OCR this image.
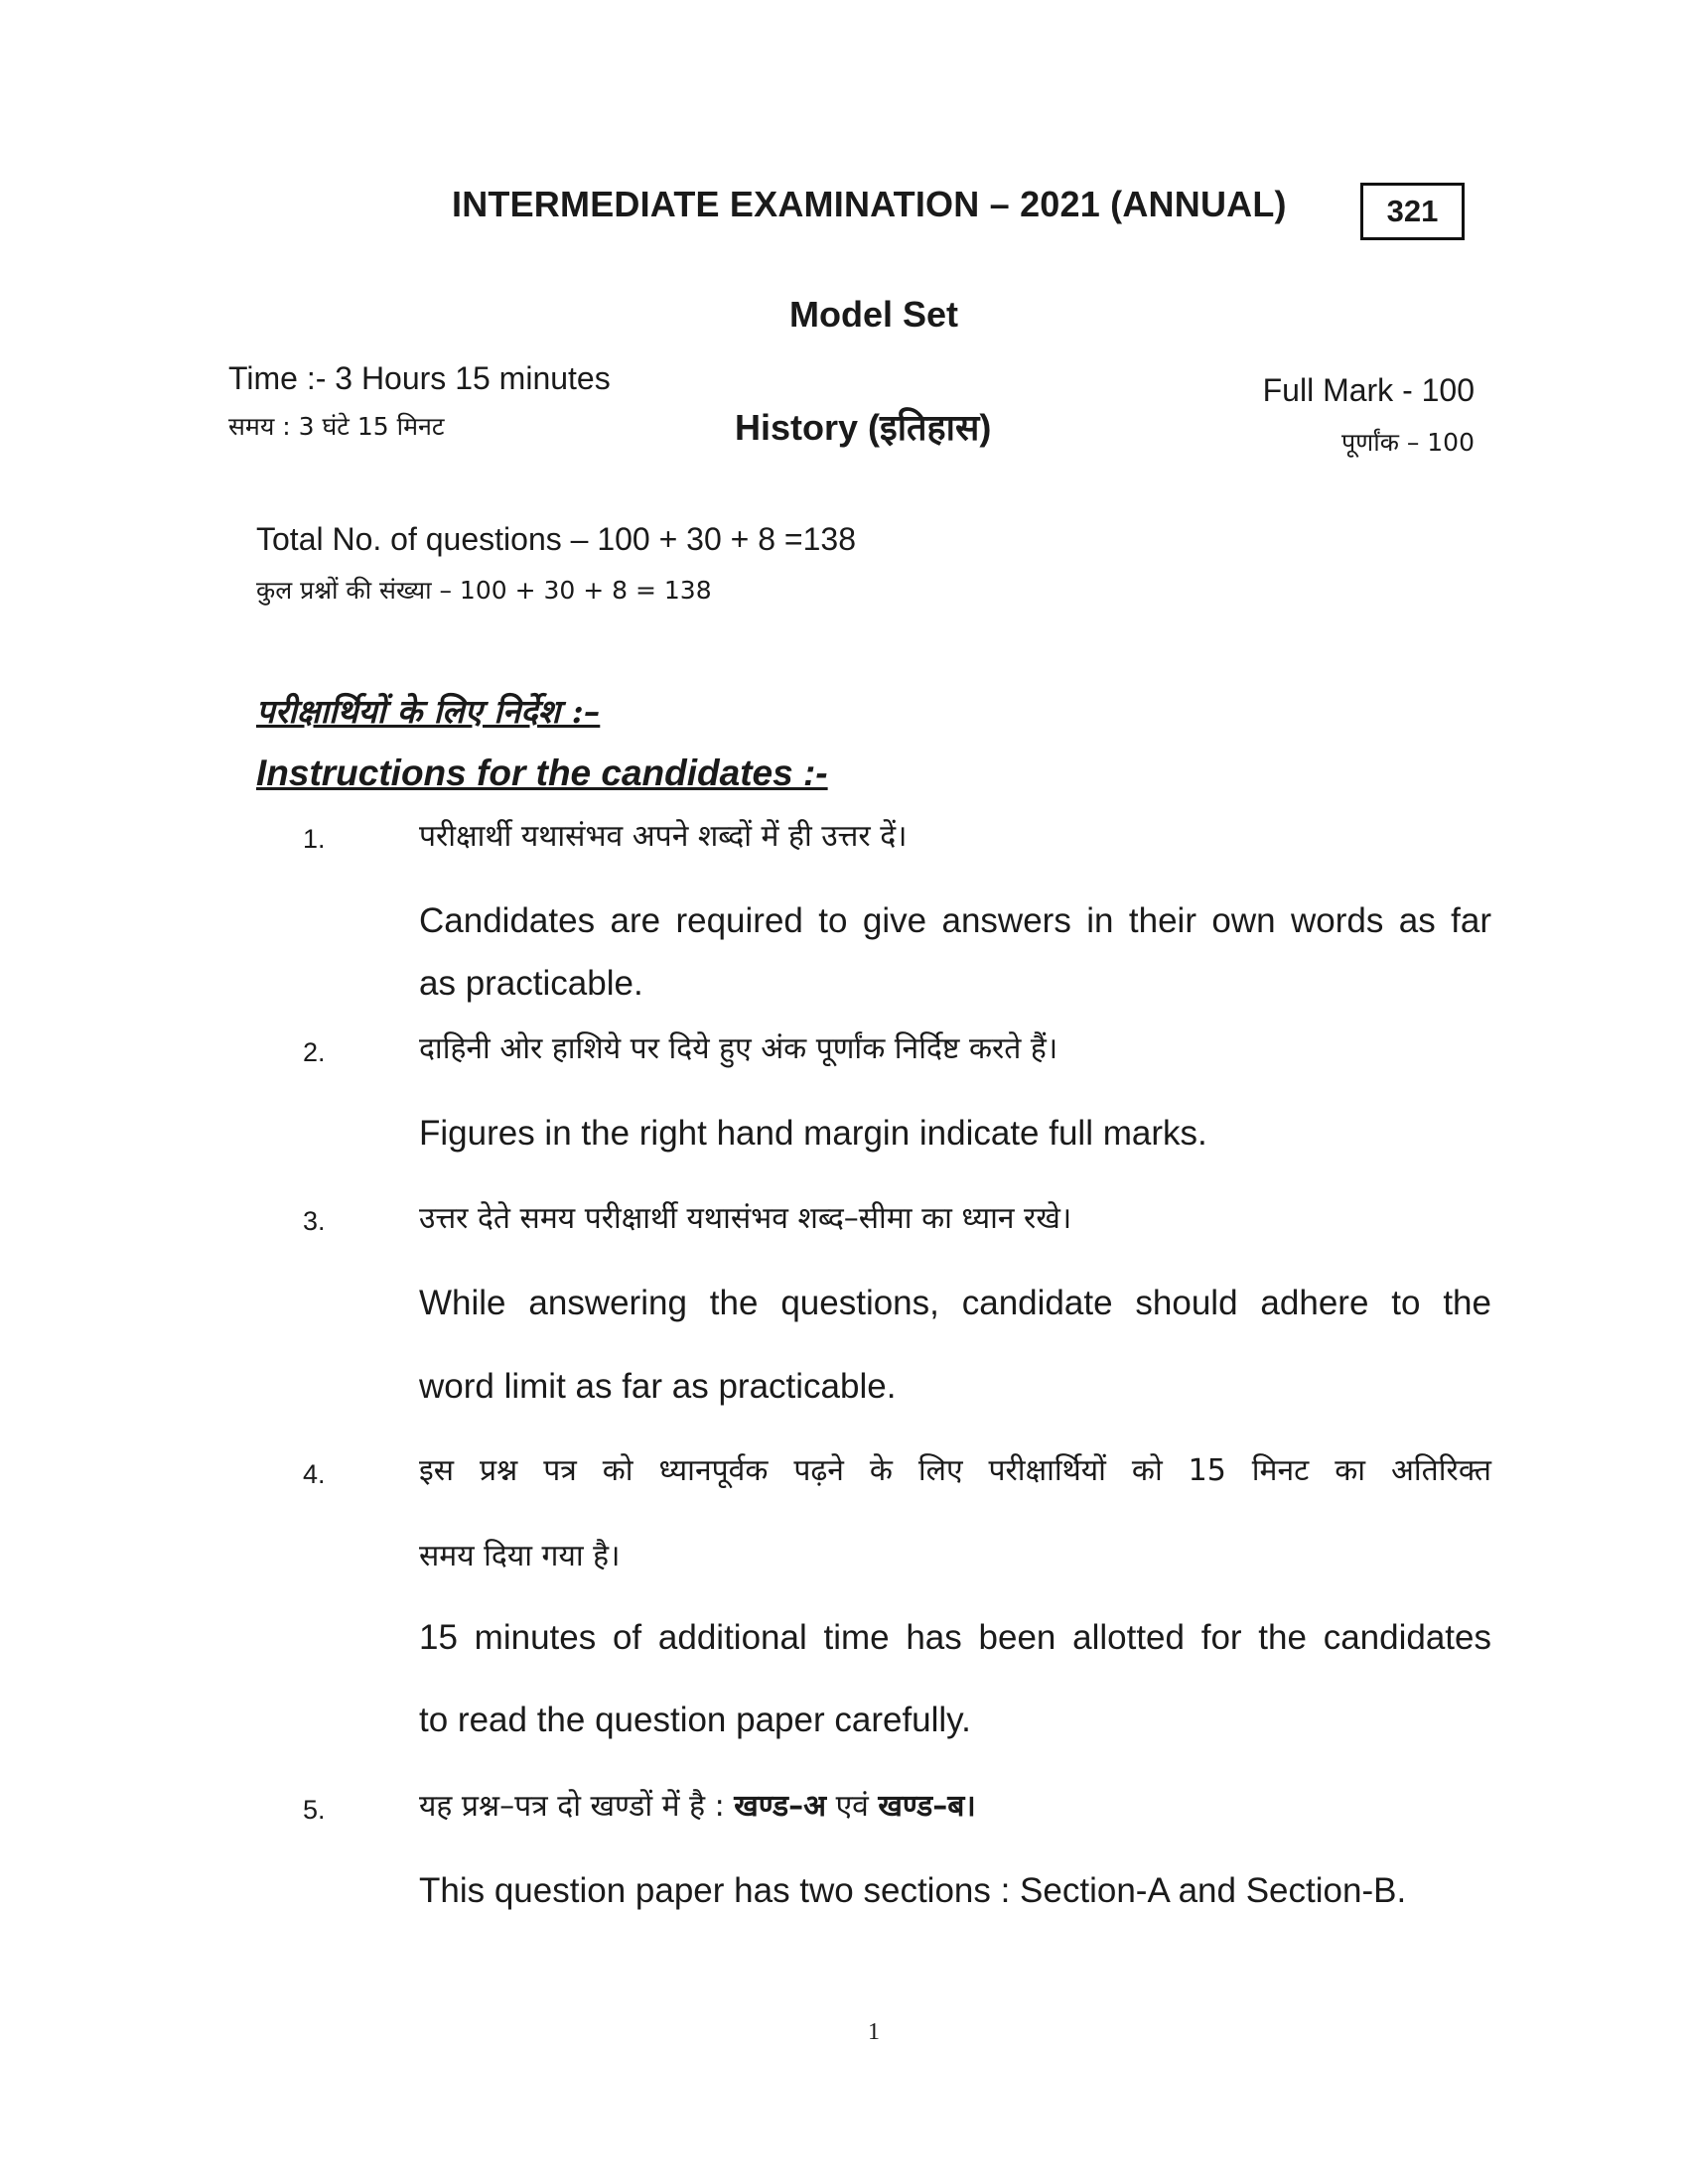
INTERMEDIATE EXAMINATION – 2021 (ANNUAL)	321
Model Set
Time :- 3 Hours 15 minutes
समय : 3 घंटे 15 मिनट	History (इतिहास)
Full Mark - 100
पूर्णांक – 100
Total No. of questions – 100 + 30 + 8 =138
कुल प्रश्नों की संख्या – 100 + 30 + 8 = 138
परीक्षार्थियों के लिए निर्देश :–
Instructions for the candidates :-
1.	परीक्षार्थी यथासंभव अपने शब्दों में ही उत्तर दें।
Candidates are required to give answers in their own words as far
as practicable.
2.	दाहिनी ओर हाशिये पर दिये हुए अंक पूर्णांक निर्दिष्ट करते हैं।
Figures in the right hand margin indicate full marks.
3.	उत्तर देते समय परीक्षार्थी यथासंभव शब्द–सीमा का ध्यान रखे।
While answering the questions, candidate should adhere to the
word limit as far as practicable.
4.	इस प्रश्न पत्र को ध्यानपूर्वक पढ़ने के लिए परीक्षार्थियों को 15 मिनट का अतिरिक्त
समय दिया गया है।
15 minutes of additional time has been allotted for the candidates
to read the question paper carefully.
5.	यह प्रश्न–पत्र दो खण्डों में है : खण्ड–अ एवं खण्ड–ब।
This question paper has two sections : Section-A and Section-B.
1
